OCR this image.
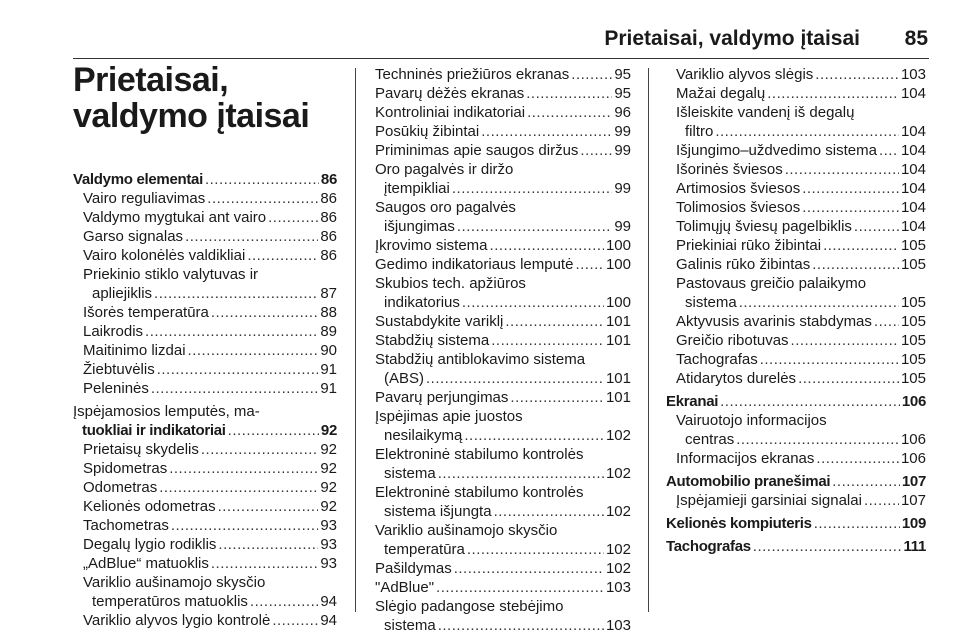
Prietaisai, valdymo įtaisai	85
Prietaisai, valdymo įtaisai
Valdymo elementai .....	86
Vairo reguliavimas .....	86
Valdymo mygtukai ant vairo .....	86
Garso signalas .....	86
Vairo kolonėlės valdikliai .....	86
Priekinio stiklo valytuvas ir
apliejiklis .....	87
Išorės temperatūra .....	88
Laikrodis .....	89
Maitinimo lizdai .....	90
Žiebtuvėlis .....	91
Peleninės .....	91
Įspėjamosios lemputės, ma-
tuokliai ir indikatoriai .....	92
Prietaisų skydelis .....	92
Spidometras .....	92
Odometras .....	92
Kelionės odometras .....	92
Tachometras .....	93
Degalų lygio rodiklis .....	93
„AdBlue“ matuoklis .....	93
Variklio aušinamojo skysčio
temperatūros matuoklis .....	94
Variklio alyvos lygio kontrolė .....	94
Techninės priežiūros ekranas .....	95
Pavarų dėžės ekranas .....	95
Kontroliniai indikatoriai .....	96
Posūkių žibintai .....	99
Priminimas apie saugos diržus ..... 99
Oro pagalvės ir diržo
įtempikliai .....	99
Saugos oro pagalvės
išjungimas .....	99
Įkrovimo sistema .....	100
Gedimo indikatoriaus lemputė ..... 100
Skubios tech. apžiūros
indikatorius .....	100
Sustabdykite variklį .....	101
Stabdžių sistema .....	101
Stabdžių antiblokavimo sistema
(ABS) .....	101
Pavarų perjungimas .....	101
Įspėjimas apie juostos
nesilaikymą .....	102
Elektroninė stabilumo kontrolės
sistema .....	102
Elektroninė stabilumo kontrolės
sistema išjungta .....	102
Variklio aušinamojo skysčio
temperatūra .....	102
Pašildymas .....	102
"AdBlue" .....	103
Slėgio padangose stebėjimo
sistema .....	103
Variklio alyvos slėgis .....	103
Mažai degalų .....	104
Išleiskite vandenį iš degalų
filtro .....	104
Išjungimo–uždvedimo sistema ..... 104
Išorinės šviesos .....	104
Artimosios šviesos .....	104
Tolimosios šviesos .....	104
Tolimųjų šviesų pagelbiklis .....	104
Priekiniai rūko žibintai .....	105
Galinis rūko žibintas .....	105
Pastovaus greičio palaikymo
sistema .....	105
Aktyvusis avarinis stabdymas ..... 105
Greičio ribotuvas .....	105
Tachografas .....	105
Atidarytos durelės .....	105
Ekranai .....	106
Vairuotojo informacijos
centras .....	106
Informacijos ekranas .....	106
Automobilio pranešimai .....	107
Įspėjamieji garsiniai signalai .....	107
Kelionės kompiuteris .....	109
Tachografas .....	111
